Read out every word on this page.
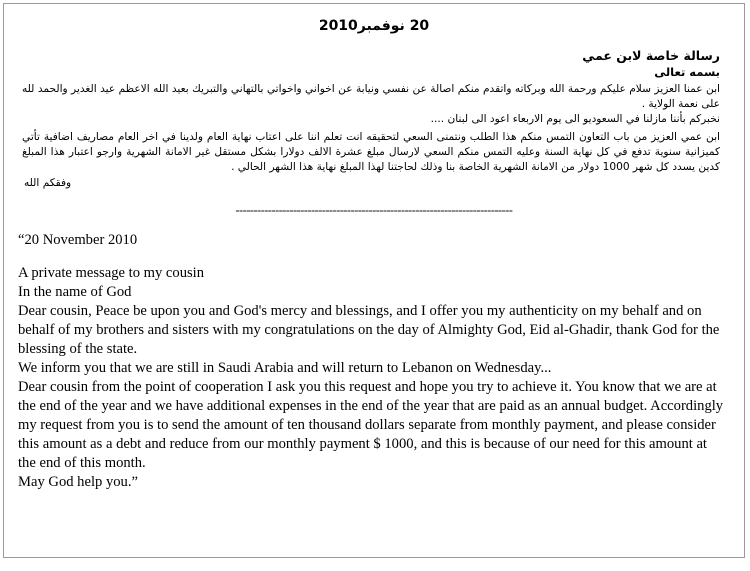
20 نوفمبر2010
رسالة خاصة لابن عمي
بسمه تعالى
ابن عمنا العزيز سلام عليكم ورحمة الله وبركاته واتقدم منكم اصالة عن نفسي ونيابة عن اخواني واخواتي بالتهاني والتبريك بعيد الله الاعظم عيد الغدير والحمد لله على نعمة الولاية .
نخبركم بأننا مازلنا في السعوديو الى يوم الاربعاء اعود الى لبنان ....
ابن عمي العزيز من باب التعاون التمس منكم هذا الطلب ونتمنى السعي لتحقيقه انت تعلم اننا على اعتاب نهاية العام ولدينا في اخر العام مصاريف اضافية تأتي كميزانية سنوية تدفع في كل نهاية السنة وعليه التمس منكم السعي لارسال مبلغ عشرة الالف دولارا بشكل مستقل غير الامانة الشهرية وارجو اعتبار هذا المبلغ كدين يسدد كل شهر 1000 دولار من الامانة الشهرية الخاصة بنا وذلك لحاجتنا لهذا المبلغ نهاية هذا الشهر الحالي .
وفقكم الله
-----------------------------------------------------------------------------
“20 November 2010
A private message to my cousin
In the name of God
Dear cousin, Peace be upon you and God's mercy and blessings, and I offer you my authenticity on my behalf and on behalf of my brothers and sisters with my congratulations on the day of Almighty God, Eid al-Ghadir, thank God for the blessing of the state.
We inform you that we are still in Saudi Arabia and will return to Lebanon on Wednesday...
Dear cousin from the point of cooperation I ask you this request and hope you try to achieve it. You know that we are at the end of the year and we have additional expenses in the end of the year that are paid as an annual budget. Accordingly my request from you is to send the amount of ten thousand dollars separate from monthly payment, and please consider this amount as a debt and reduce from our monthly payment $ 1000, and this is because of our need for this amount at the end of this month.
May God help you.”
